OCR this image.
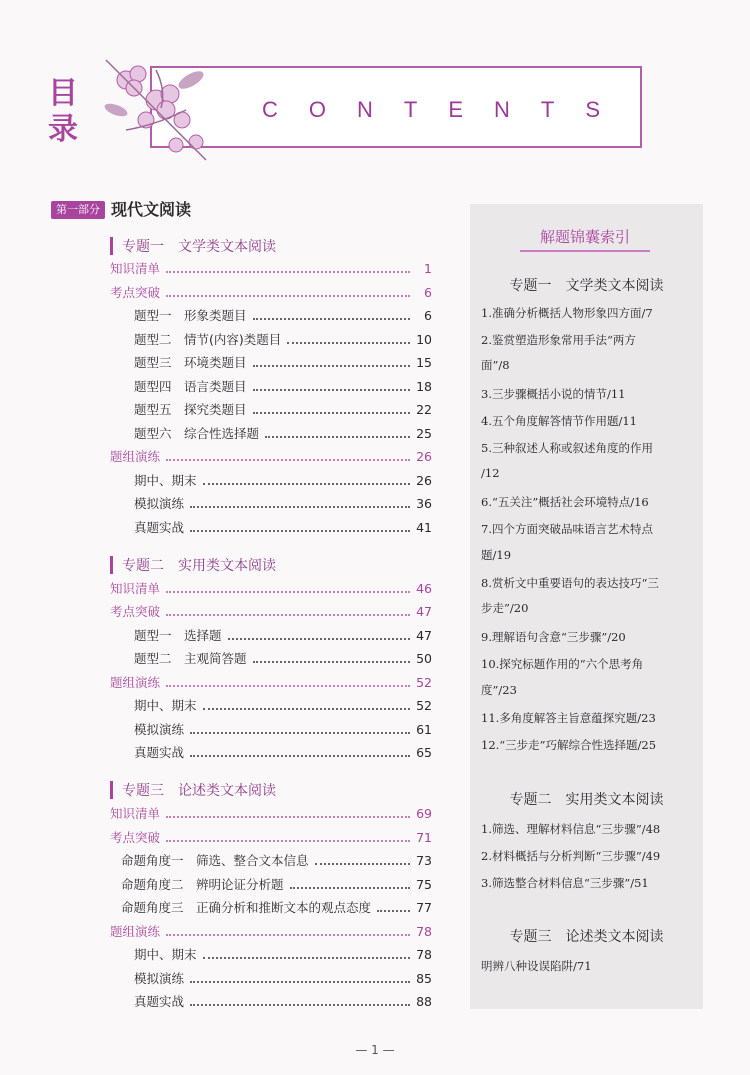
目录
CONTENTS
第一部分 现代文阅读
专题一　文学类文本阅读
知识清单	1
考点突破	6
题型一　形象类题目	6
题型二　情节(内容)类题目	10
题型三　环境类题目	15
题型四　语言类题目	18
题型五　探究类题目	22
题型六　综合性选择题	25
题组演练	26
期中、期末	26
模拟演练	36
真题实战	41
专题二　实用类文本阅读
知识清单	46
考点突破	47
题型一　选择题	47
题型二　主观简答题	50
题组演练	52
期中、期末	52
模拟演练	61
真题实战	65
专题三　论述类文本阅读
知识清单	69
考点突破	71
命题角度一　筛选、整合文本信息	73
命题角度二　辨明论证分析题	75
命题角度三　正确分析和推断文本的观点态度	77
题组演练	78
期中、期末	78
模拟演练	85
真题实战	88
解题锦囊索引
专题一　文学类文本阅读
1.准确分析概括人物形象四方面/7
2.鉴赏塑造形象常用手法“两方
面”/8
3.三步骤概括小说的情节/11
4.五个角度解答情节作用题/11
5.三种叙述人称或叙述角度的作用
/12
6.“五关注”概括社会环境特点/16
7.四个方面突破品味语言艺术特点
题/19
8.赏析文中重要语句的表达技巧“三
步走”/20
9.理解语句含意“三步骤”/20
10.探究标题作用的“六个思考角
度”/23
11.多角度解答主旨意蕴探究题/23
12.“三步走”巧解综合性选择题/25
专题二　实用类文本阅读
1.筛选、理解材料信息“三步骤”/48
2.材料概括与分析判断“三步骤”/49
3.筛选整合材料信息“三步骤”/51
专题三　论述类文本阅读
明辨八种设误陷阱/71
— 1 —
